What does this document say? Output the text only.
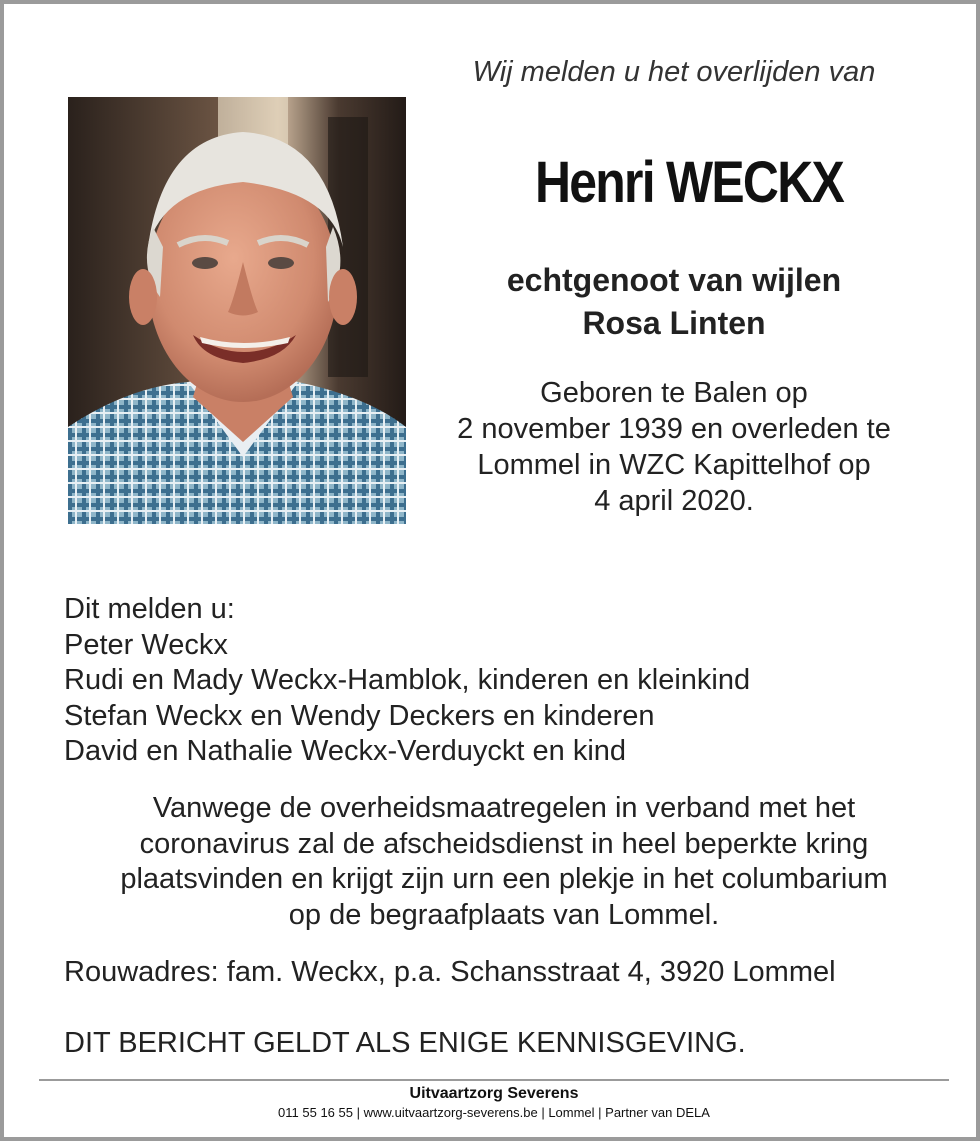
Wij melden u het overlijden van
Henri WECKX
echtgenoot van wijlen
Rosa Linten
Geboren te Balen op
2 november 1939 en overleden te
Lommel in WZC Kapittelhof op
4 april 2020.
Dit melden u:
Peter Weckx
Rudi en Mady Weckx-Hamblok, kinderen en kleinkind
Stefan Weckx en Wendy Deckers en kinderen
David en Nathalie Weckx-Verduyckt en kind
Vanwege de overheidsmaatregelen in verband met het
coronavirus zal de afscheidsdienst in heel beperkte kring
plaatsvinden en krijgt zijn urn een plekje in het columbarium
op de begraafplaats van Lommel.
Rouwadres: fam. Weckx, p.a. Schansstraat 4, 3920 Lommel
DIT BERICHT GELDT ALS ENIGE KENNISGEVING.
Uitvaartzorg Severens
011 55 16 55 | www.uitvaartzorg-severens.be | Lommel | Partner van DELA
